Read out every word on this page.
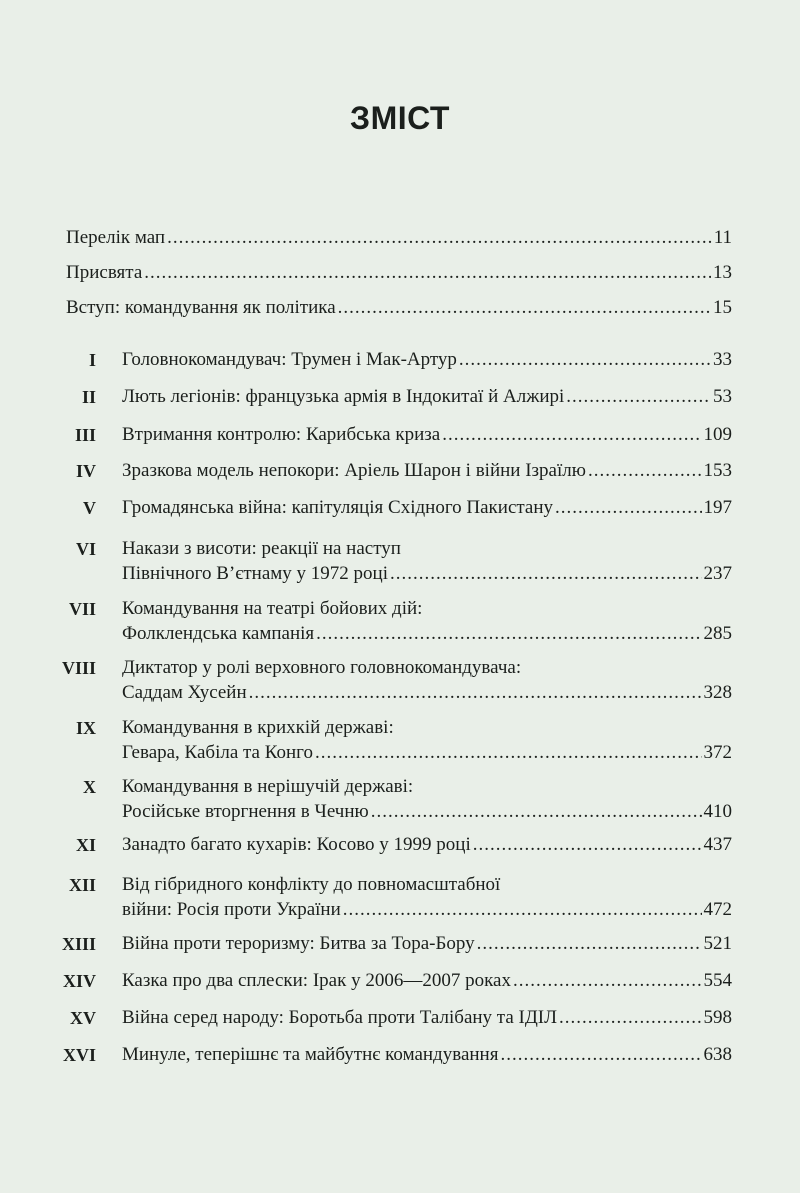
ЗМІСТ
Перелік мап .....	11
Присвята .....	13
Вступ: командування як політика .....	15
I Головнокомандувач: Трумен і Мак-Артур .....	33
II Лють легіонів: французька армія в Індокитаї й Алжирі .....	53
III Втримання контролю: Карибська криза .....	109
IV Зразкова модель непокори: Аріель Шарон і війни Ізраїлю .....	153
V Громадянська війна: капітуляція Східного Пакистану .....	197
VI Накази з висоти: реакції на наступ
Північного В’єтнаму у 1972 році .....	237
VII Командування на театрі бойових дій:
Фолклендська кампанія .....	285
VIII Диктатор у ролі верховного головнокомандувача:
Саддам Хусейн .....	328
IX Командування в крихкій державі:
Гевара, Кабіла та Конго .....	372
X Командування в нерішучій державі:
Російське вторгнення в Чечню .....	410
XI Занадто багато кухарів: Косово у 1999 році .....	437
XII Від гібридного конфлікту до повномасштабної
війни: Росія проти України .....	472
XIII Війна проти тероризму: Битва за Тора-Бору .....	521
XIV Казка про два сплески: Ірак у 2006—2007 роках .....	554
XV Війна серед народу: Боротьба проти Талібану та ІДІЛ .....	598
XVI Минуле, теперішнє та майбутнє командування .....	638
